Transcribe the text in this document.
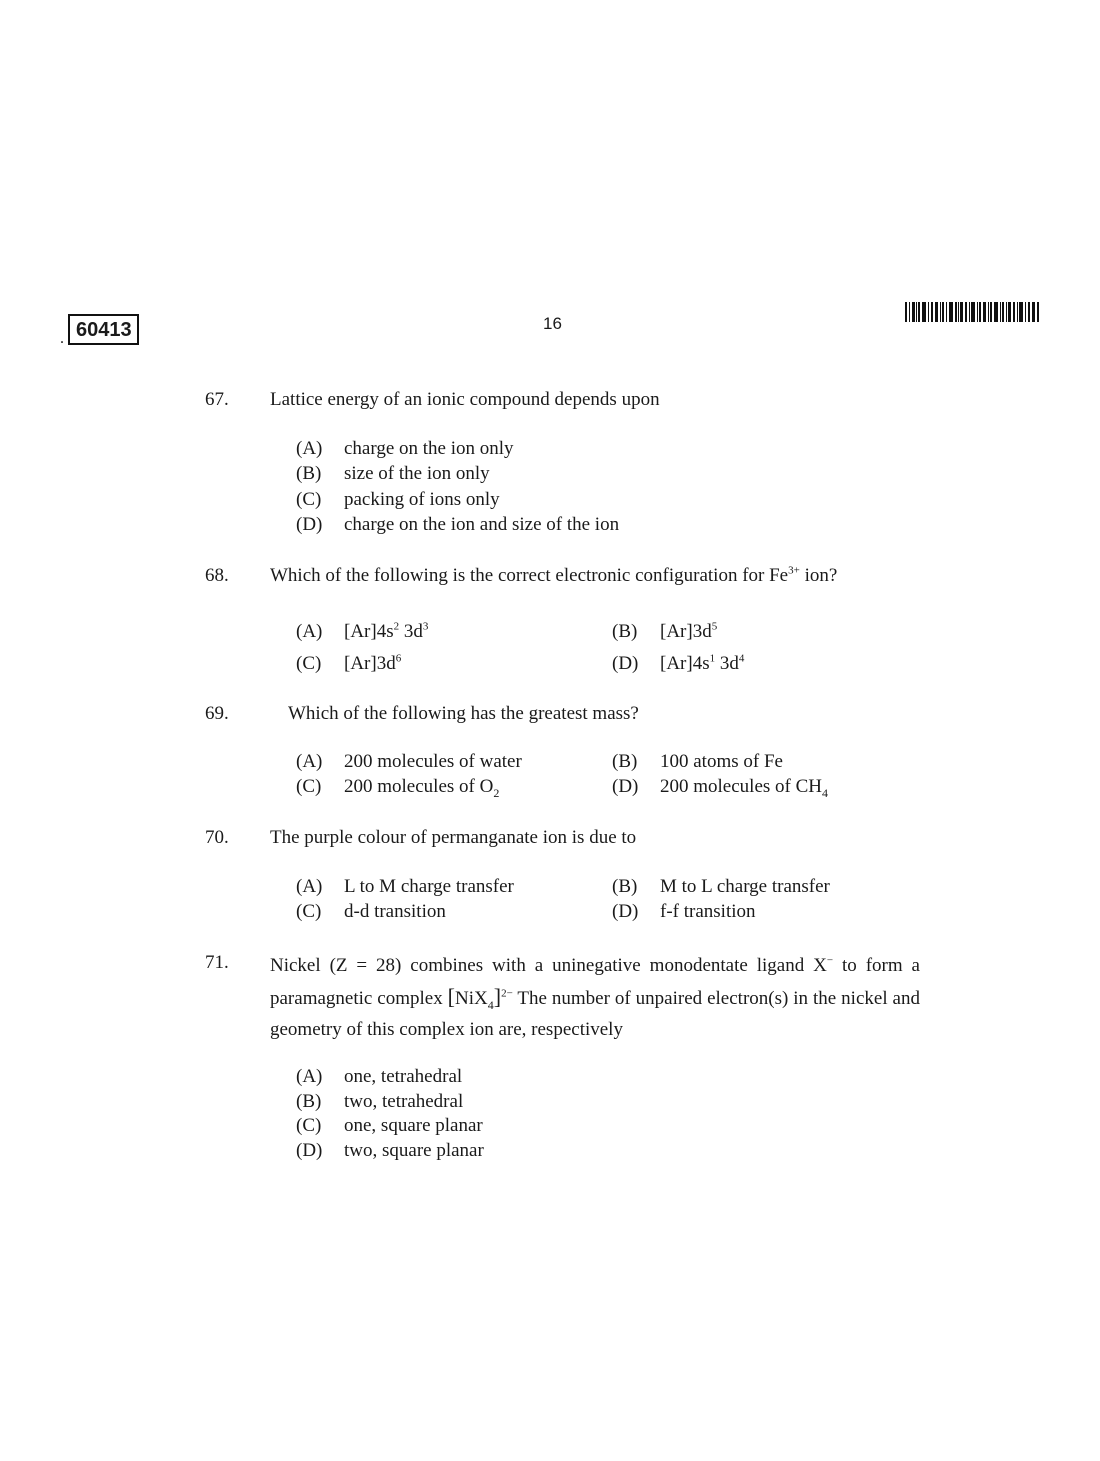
. 60413	16
67. Lattice energy of an ionic compound depends upon
(A) charge on the ion only
(B) size of the ion only
(C) packing of ions only
(D) charge on the ion and size of the ion
68. Which of the following is the correct electronic configuration for $Fe^{3+}$ ion?
(A) $[Ar]4s^2$ $3d^3$	(B) $[Ar]3d^5$
(C) $[Ar]3d^6$	(D) $[Ar]4s^1$ $3d^4$
69.	Which of the following has the greatest mass?
(A) 200 molecules of water	(B) 100 atoms of Fe
(C) 200 molecules of $O_2$	(D) 200 molecules of $CH_4$
70. The purple colour of permanganate ion is due to
(A) L to M charge transfer	(B) M to L charge transfer
(C) d-d transition	(D) f-f transition
71. Nickel (Z = 28) combines with a uninegative monodentate ligand X− to form a paramagnetic complex $[NiX_4]^{2-}$ The number of unpaired electron(s) in the nickel and geometry of this complex ion are, respectively
(A) one, tetrahedral
(B) two, tetrahedral
(C) one, square planar
(D) two, square planar
